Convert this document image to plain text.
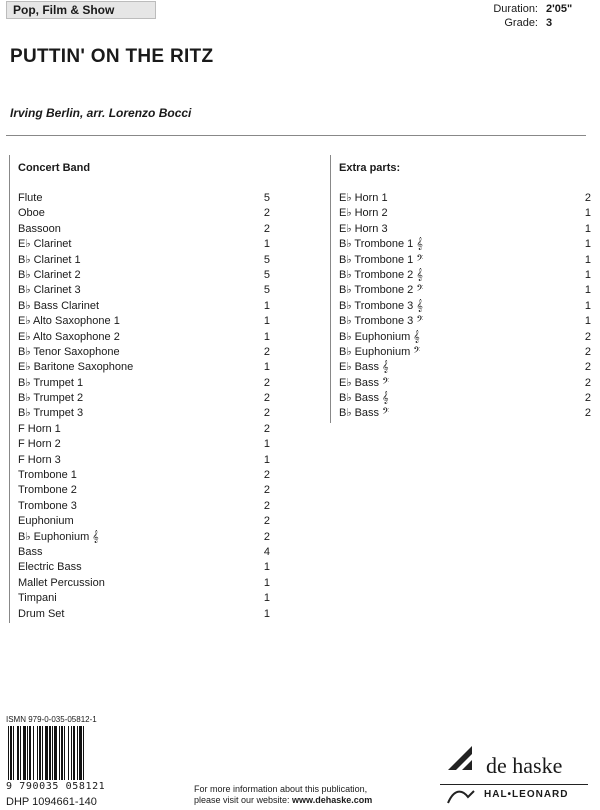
Pop, Film & Show	Duration: 2'05"
Grade: 3
PUTTIN' ON THE RITZ
Irving Berlin, arr. Lorenzo Bocci
Concert Band
Flute	5
Oboe	2
Bassoon	2
E♭ Clarinet	1
B♭ Clarinet 1	5
B♭ Clarinet 2	5
B♭ Clarinet 3	5
B♭ Bass Clarinet	1
E♭ Alto Saxophone 1	1
E♭ Alto Saxophone 2	1
B♭ Tenor Saxophone	2
E♭ Baritone Saxophone	1
B♭ Trumpet 1	2
B♭ Trumpet 2	2
B♭ Trumpet 3	2
F Horn 1	2
F Horn 2	1
F Horn 3	1
Trombone 1	2
Trombone 2	2
Trombone 3	2
Euphonium	2
B♭ Euphonium 𝄞	2
Bass	4
Electric Bass	1
Mallet Percussion	1
Timpani	1
Drum Set	1
Extra parts:
E♭ Horn 1	2
E♭ Horn 2	1
E♭ Horn 3	1
B♭ Trombone 1 𝄞	1
B♭ Trombone 1 𝄢	1
B♭ Trombone 2 𝄞	1
B♭ Trombone 2 𝄢	1
B♭ Trombone 3 𝄞	1
B♭ Trombone 3 𝄢	1
B♭ Euphonium 𝄞	2
B♭ Euphonium 𝄢	2
E♭ Bass 𝄞	2
E♭ Bass 𝄢	2
B♭ Bass 𝄞	2
B♭ Bass 𝄢	2
ISMN 979-0-035-05812-1
9 790035 058121
DHP 1094661-140
For more information about this publication,
please visit our website: www.dehaske.com
de haske
HAL•LEONARD
